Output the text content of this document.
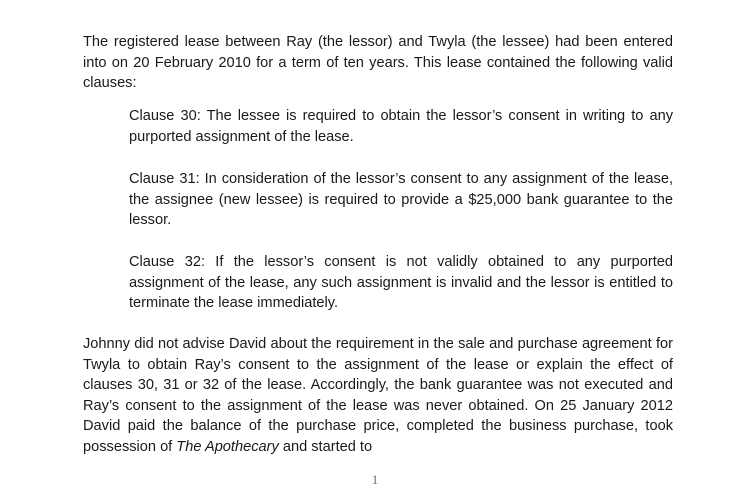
The registered lease between Ray (the lessor) and Twyla (the lessee) had been entered into on 20 February 2010 for a term of ten years. This lease contained the following valid clauses:

Clause 30: The lessee is required to obtain the lessor’s consent in writing to any purported assignment of the lease.

Clause 31: In consideration of the lessor’s consent to any assignment of the lease, the assignee (new lessee) is required to provide a $25,000 bank guarantee to the lessor.

Clause 32: If the lessor’s consent is not validly obtained to any purported assignment of the lease, any such assignment is invalid and the lessor is entitled to terminate the lease immediately.

Johnny did not advise David about the requirement in the sale and purchase agreement for Twyla to obtain Ray’s consent to the assignment of the lease or explain the effect of clauses 30, 31 or 32 of the lease. Accordingly, the bank guarantee was not executed and Ray’s consent to the assignment of the lease was never obtained. On 25 January 2012 David paid the balance of the purchase price, completed the business purchase, took possession of The Apothecary and started to

1
